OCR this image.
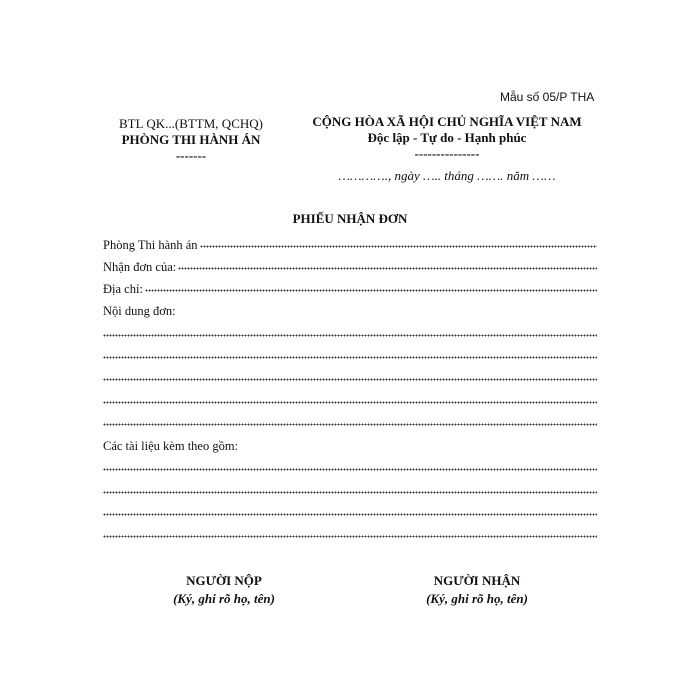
Mẫu số 05/P THA
BTL QK...(BTTM, QCHQ)
PHÒNG THI HÀNH ÁN
-------
CỘNG HÒA XÃ HỘI CHỦ NGHĨA VIỆT NAM
Độc lập - Tự do - Hạnh phúc
---------------
…………., ngày ….. tháng ……. năm ……
PHIẾU NHẬN ĐƠN
Phòng Thi hành án
Nhận đơn của:
Địa chỉ:
Nội dung đơn:
Các tài liệu kèm theo gồm:
NGƯỜI NỘP
(Ký, ghi rõ họ, tên)
NGƯỜI NHẬN
(Ký, ghi rõ họ, tên)
